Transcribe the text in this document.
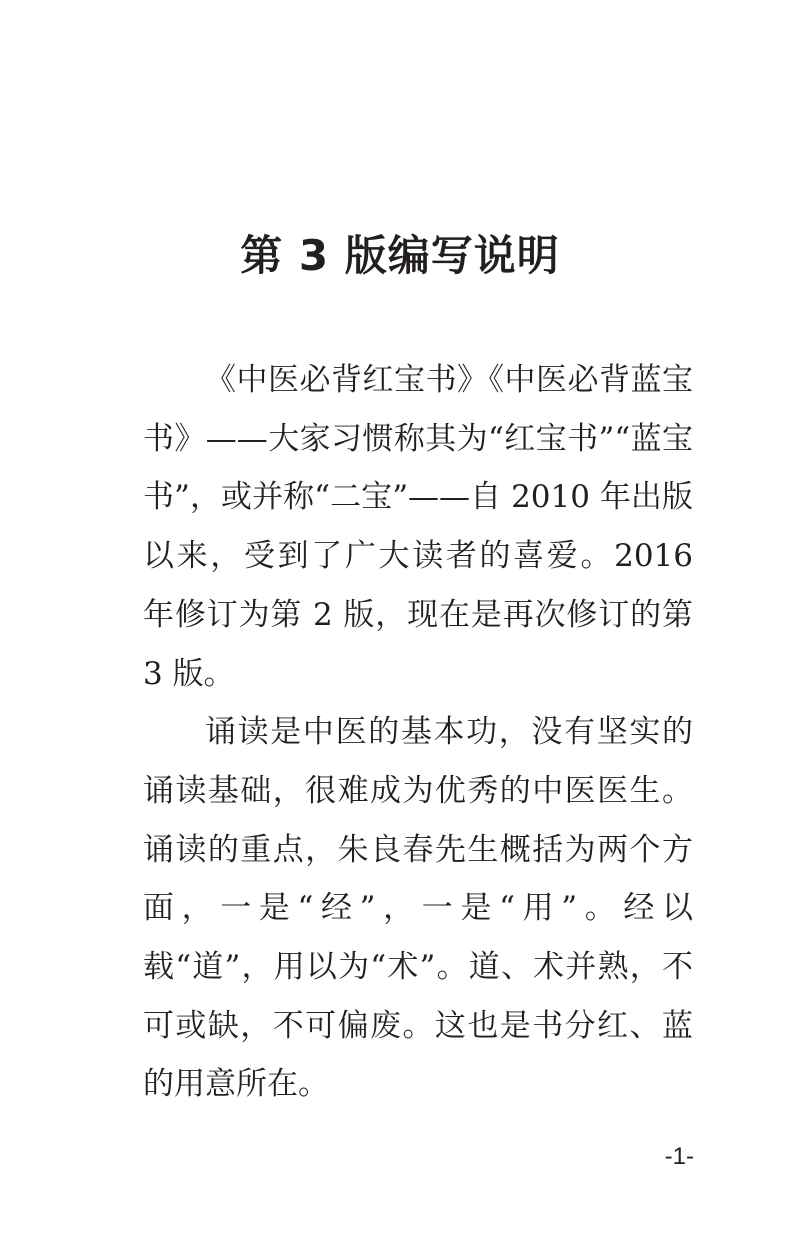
第 3 版编写说明

《中医必背红宝书》《中医必背蓝宝书》——大家习惯称其为“红宝书”“蓝宝书”，或并称“二宝”——自 2010 年出版以来，受到了广大读者的喜爱。2016 年修订为第 2 版，现在是再次修订的第 3 版。

诵读是中医的基本功，没有坚实的诵读基础，很难成为优秀的中医医生。诵读的重点，朱良春先生概括为两个方面，一是“经”，一是“用”。经以载“道”，用以为“术”。道、术并熟，不可或缺，不可偏废。这也是书分红、蓝的用意所在。

-1-
